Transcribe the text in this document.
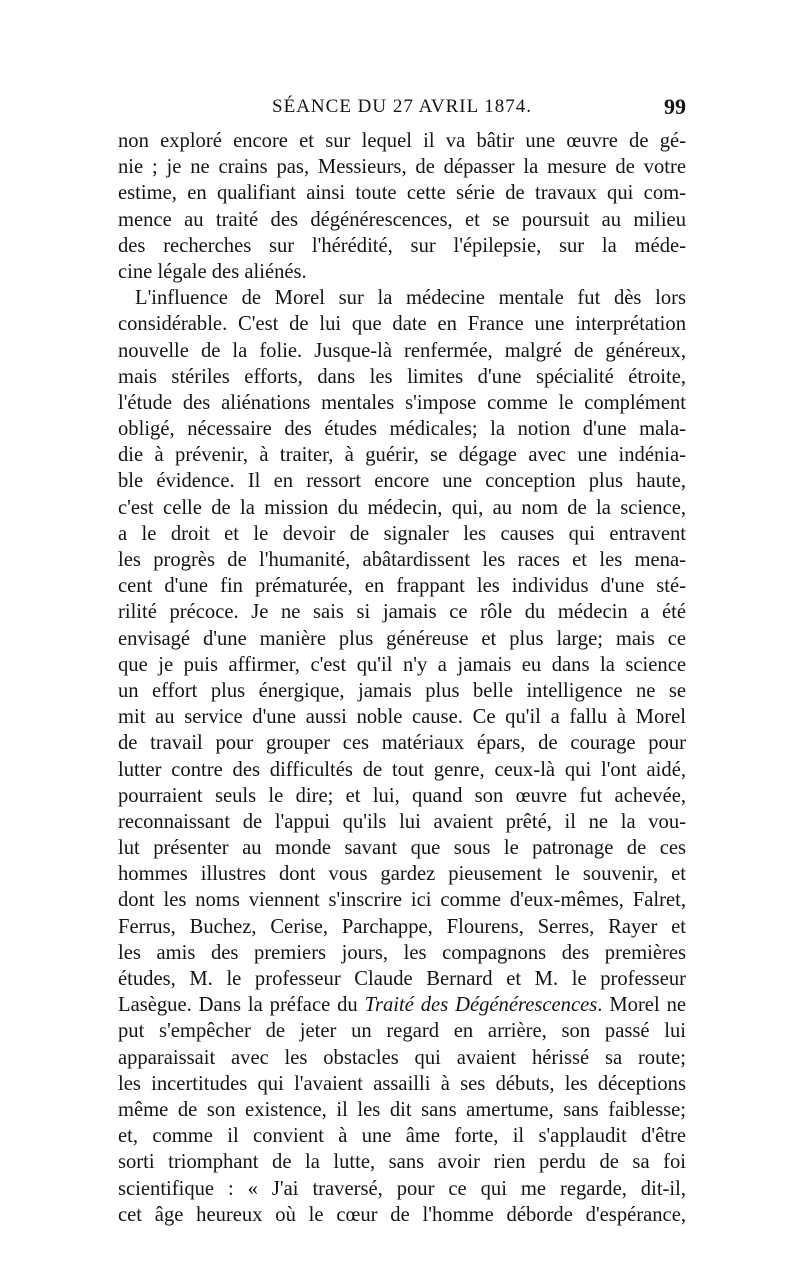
SÉANCE DU 27 AVRIL 1874.	99
non exploré encore et sur lequel il va bâtir une œuvre de gé-
nie ; je ne crains pas, Messieurs, de dépasser la mesure de votre
estime, en qualifiant ainsi toute cette série de travaux qui com-
mence au traité des dégénérescences, et se poursuit au milieu
des recherches sur l'hérédité, sur l'épilepsie, sur la méde-
cine légale des aliénés.
L'influence de Morel sur la médecine mentale fut dès lors
considérable. C'est de lui que date en France une interprétation
nouvelle de la folie. Jusque-là renfermée, malgré de généreux,
mais stériles efforts, dans les limites d'une spécialité étroite,
l'étude des aliénations mentales s'impose comme le complément
obligé, nécessaire des études médicales; la notion d'une mala-
die à prévenir, à traiter, à guérir, se dégage avec une indénia-
ble évidence. Il en ressort encore une conception plus haute,
c'est celle de la mission du médecin, qui, au nom de la science,
a le droit et le devoir de signaler les causes qui entravent
les progrès de l'humanité, abâtardissent les races et les mena-
cent d'une fin prématurée, en frappant les individus d'une sté-
rilité précoce. Je ne sais si jamais ce rôle du médecin a été
envisagé d'une manière plus généreuse et plus large; mais ce
que je puis affirmer, c'est qu'il n'y a jamais eu dans la science
un effort plus énergique, jamais plus belle intelligence ne se
mit au service d'une aussi noble cause. Ce qu'il a fallu à Morel
de travail pour grouper ces matériaux épars, de courage pour
lutter contre des difficultés de tout genre, ceux-là qui l'ont aidé,
pourraient seuls le dire; et lui, quand son œuvre fut achevée,
reconnaissant de l'appui qu'ils lui avaient prêté, il ne la vou-
lut présenter au monde savant que sous le patronage de ces
hommes illustres dont vous gardez pieusement le souvenir, et
dont les noms viennent s'inscrire ici comme d'eux-mêmes, Falret,
Ferrus, Buchez, Cerise, Parchappe, Flourens, Serres, Rayer et
les amis des premiers jours, les compagnons des premières
études, M. le professeur Claude Bernard et M. le professeur
Lasègue. Dans la préface du Traité des Dégénérescences. Morel ne
put s'empêcher de jeter un regard en arrière, son passé lui
apparaissait avec les obstacles qui avaient hérissé sa route;
les incertitudes qui l'avaient assailli à ses débuts, les déceptions
même de son existence, il les dit sans amertume, sans faiblesse;
et, comme il convient à une âme forte, il s'applaudit d'être
sorti triomphant de la lutte, sans avoir rien perdu de sa foi
scientifique : « J'ai traversé, pour ce qui me regarde, dit-il,
cet âge heureux où le cœur de l'homme déborde d'espérance,
